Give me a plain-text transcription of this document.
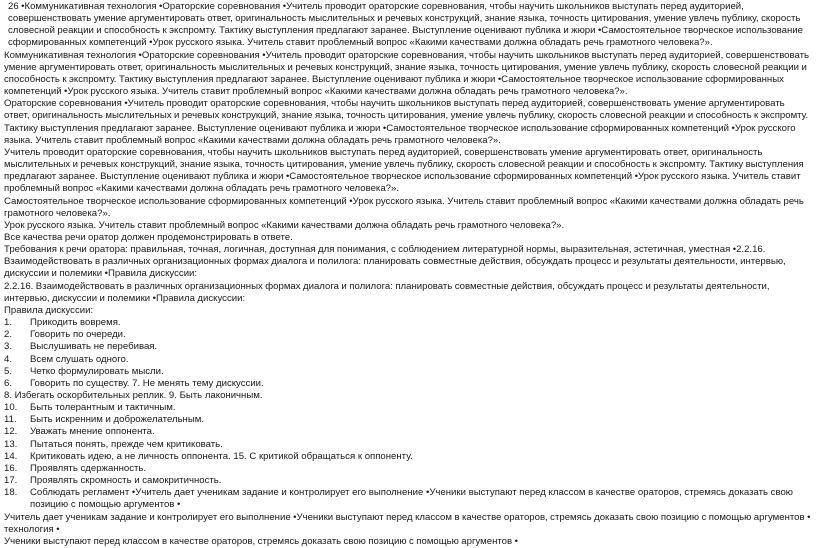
26 •Коммуникативная технология •Ораторские соревнования •Учитель проводит ораторские соревнования, чтобы научить школьников выступать перед аудиторией, совершенствовать умение аргументировать ответ, оригинальность мыслительных и речевых конструкций, знание языка, точность цитирования, умение увлечь публику, скорость словесной реакции и способность к экспромту. Тактику выступления предлагают заранее. Выступление оценивают публика и жюри •Самостоятельное творческое использование сформированных компетенций •Урок русского языка. Учитель ставит проблемный вопрос «Какими качествами должна обладать речь грамотного человека?».

Коммуникативная технология •Ораторские соревнования •Учитель проводит ораторские соревнования, чтобы научить школьников выступать перед аудиторией, совершенствовать умение аргументировать ответ, оригинальность мыслительных и речевых конструкций, знание языка, точность цитирования, умение увлечь публику, скорость словесной реакции и способность к экспромту. Тактику выступления предлагают заранее. Выступление оценивают публика и жюри •Самостоятельное творческое использование сформированных компетенций •Урок русского языка. Учитель ставит проблемный вопрос «Какими качествами должна обладать речь грамотного человека?».

Ораторские соревнования •Учитель проводит ораторские соревнования, чтобы научить школьников выступать перед аудиторией, совершенствовать умение аргументировать ответ, оригинальность мыслительных и речевых конструкций, знание языка, точность цитирования, умение увлечь публику, скорость словесной реакции и способность к экспромту. Тактику выступления предлагают заранее. Выступление оценивают публика и жюри •Самостоятельное творческое использование сформированных компетенций •Урок русского языка. Учитель ставит проблемный вопрос «Какими качествами должна обладать речь грамотного человека?».

Учитель проводит ораторские соревнования, чтобы научить школьников выступать перед аудиторией, совершенствовать умение аргументировать ответ, оригинальность мыслительных и речевых конструкций, знание языка, точность цитирования, умение увлечь публику, скорость словесной реакции и способность к экспромту. Тактику выступления предлагают заранее. Выступление оценивают публика и жюри •Самостоятельное творческое использование сформированных компетенций •Урок русского языка. Учитель ставит проблемный вопрос «Какими качествами должна обладать речь грамотного человека?».

Самостоятельное творческое использование сформированных компетенций •Урок русского языка. Учитель ставит проблемный вопрос «Какими качествами должна обладать речь грамотного человека?».

Урок русского языка. Учитель ставит проблемный вопрос «Какими качествами должна обладать речь грамотного человека?».

Все качества речи оратор должен продемонстрировать в ответе.

Требования к речи оратора: правильная, точная, логичная, доступная для понимания, с соблюдением литературной нормы, выразительная, эстетичная, уместная •2.2.16. Взаимодействовать в различных организационных формах диалога и полилога: планировать совместные действия, обсуждать процесс и результаты деятельности, интервью, дискуссии и полемики •Правила дискуссии:

2.2.16. Взаимодействовать в различных организационных формах диалога и полилога: планировать совместные действия, обсуждать процесс и результаты деятельности, интервью, дискуссии и полемики •Правила дискуссии:

Правила дискуссии:

1.	Прикодить вовремя.
2.	Говорить по очереди.
3.	Выслушивать не перебивая.
4.	Всем слушать одного.
5.	Четко формулировать мысли.
6.	Говорить по существу. 7. Не менять тему дискуссии.
8. Избегать оскорбительных реплик. 9. Быть лаконичным.
10.	Быть толерантным и тактичным.
11.	Быть искренним и доброжелательным.
12.	Уважать мнение оппонента.
13.	Пытаться понять, прежде чем критиковать.
14.	Критиковать идею, а не личность оппонента. 15. С критикой обращаться к оппоненту.
16.	Проявлять сдержанность.
17.	Проявлять скромность и самокритичность.
18.	Соблюдать регламент •Учитель дает ученикам задание и контролирует его выполнение •Ученики выступают перед классом в качестве ораторов, стремясь доказать свою позицию с помощью аргументов •

Учитель дает ученикам задание и контролирует его выполнение •Ученики выступают перед классом в качестве ораторов, стремясь доказать свою позицию с помощью аргументов • технология •

Ученики выступают перед классом в качестве ораторов, стремясь доказать свою позицию с помощью аргументов •
